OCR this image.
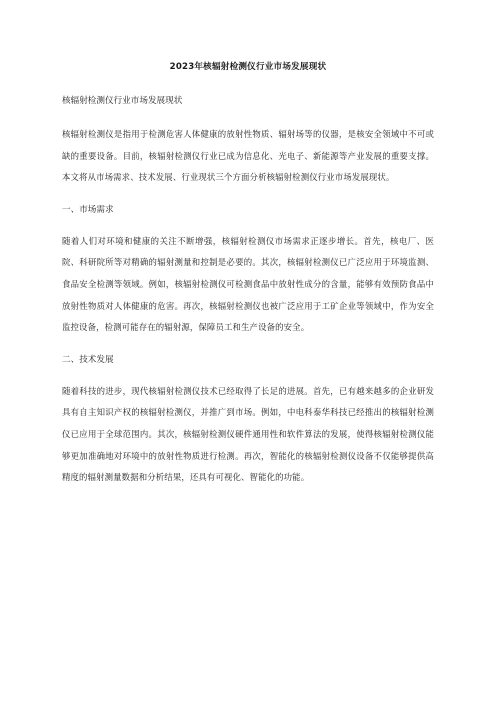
2023年核辐射检测仪行业市场发展现状
核辐射检测仪行业市场发展现状

核辐射检测仪是指用于检测危害人体健康的放射性物质、辐射场等的仪器，是核安全领域中不可或缺的重要设备。目前，核辐射检测仪行业已成为信息化、光电子、新能源等产业发展的重要支撑。本文将从市场需求、技术发展、行业现状三个方面分析核辐射检测仪行业市场发展现状。

一、市场需求

随着人们对环境和健康的关注不断增强，核辐射检测仪市场需求正逐步增长。首先，核电厂、医院、科研院所等对精确的辐射测量和控制是必要的。其次，核辐射检测仪已广泛应用于环境监测、食品安全检测等领域。例如，核辐射检测仪可检测食品中放射性成分的含量，能够有效预防食品中放射性物质对人体健康的危害。再次，核辐射检测仪也被广泛应用于工矿企业等领域中，作为安全监控设备，检测可能存在的辐射源，保障员工和生产设备的安全。

二、技术发展

随着科技的进步，现代核辐射检测仪技术已经取得了长足的进展。首先，已有越来越多的企业研发具有自主知识产权的核辐射检测仪，并推广到市场。例如，中电科泰华科技已经推出的核辐射检测仪已应用于全球范围内。其次，核辐射检测仪硬件通用性和软件算法的发展，使得核辐射检测仪能够更加准确地对环境中的放射性物质进行检测。再次，智能化的核辐射检测仪设备不仅能够提供高精度的辐射测量数据和分析结果，还具有可视化、智能化的功能。
